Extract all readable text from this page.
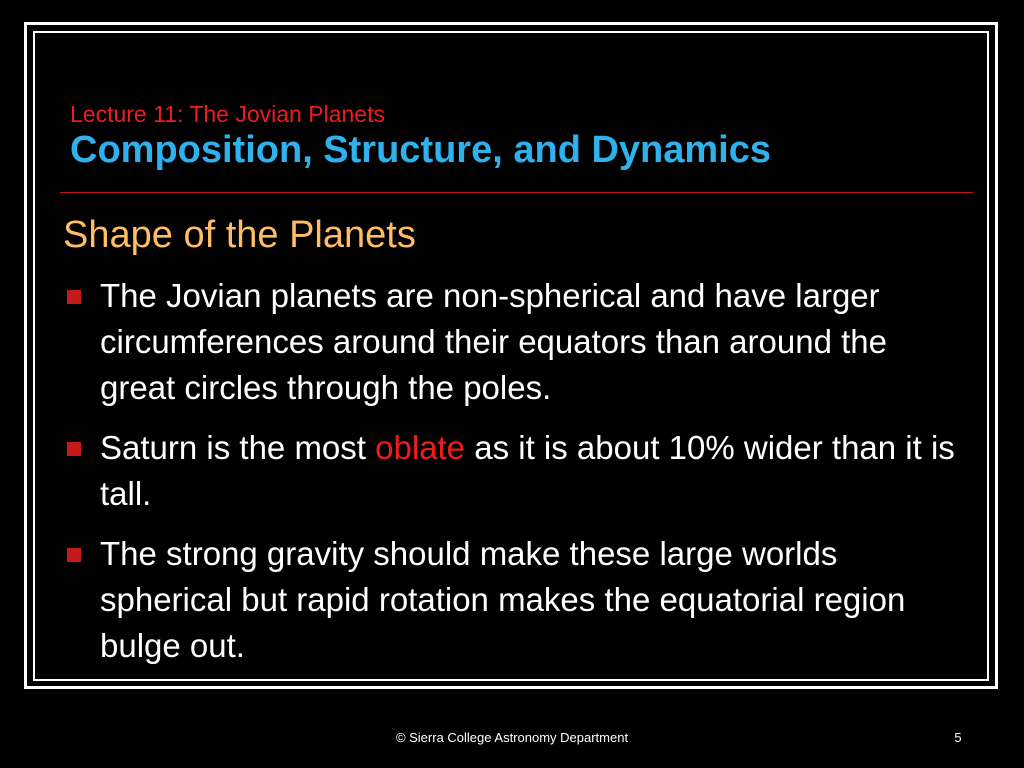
Lecture 11: The Jovian Planets
Composition, Structure, and Dynamics
Shape of the Planets
The Jovian planets are non-spherical and have larger circumferences around their equators than around the great circles through the poles.
Saturn is the most oblate as it is about 10% wider than it is tall.
The strong gravity should make these large worlds spherical but rapid rotation makes the equatorial region bulge out.
© Sierra College Astronomy Department	5
